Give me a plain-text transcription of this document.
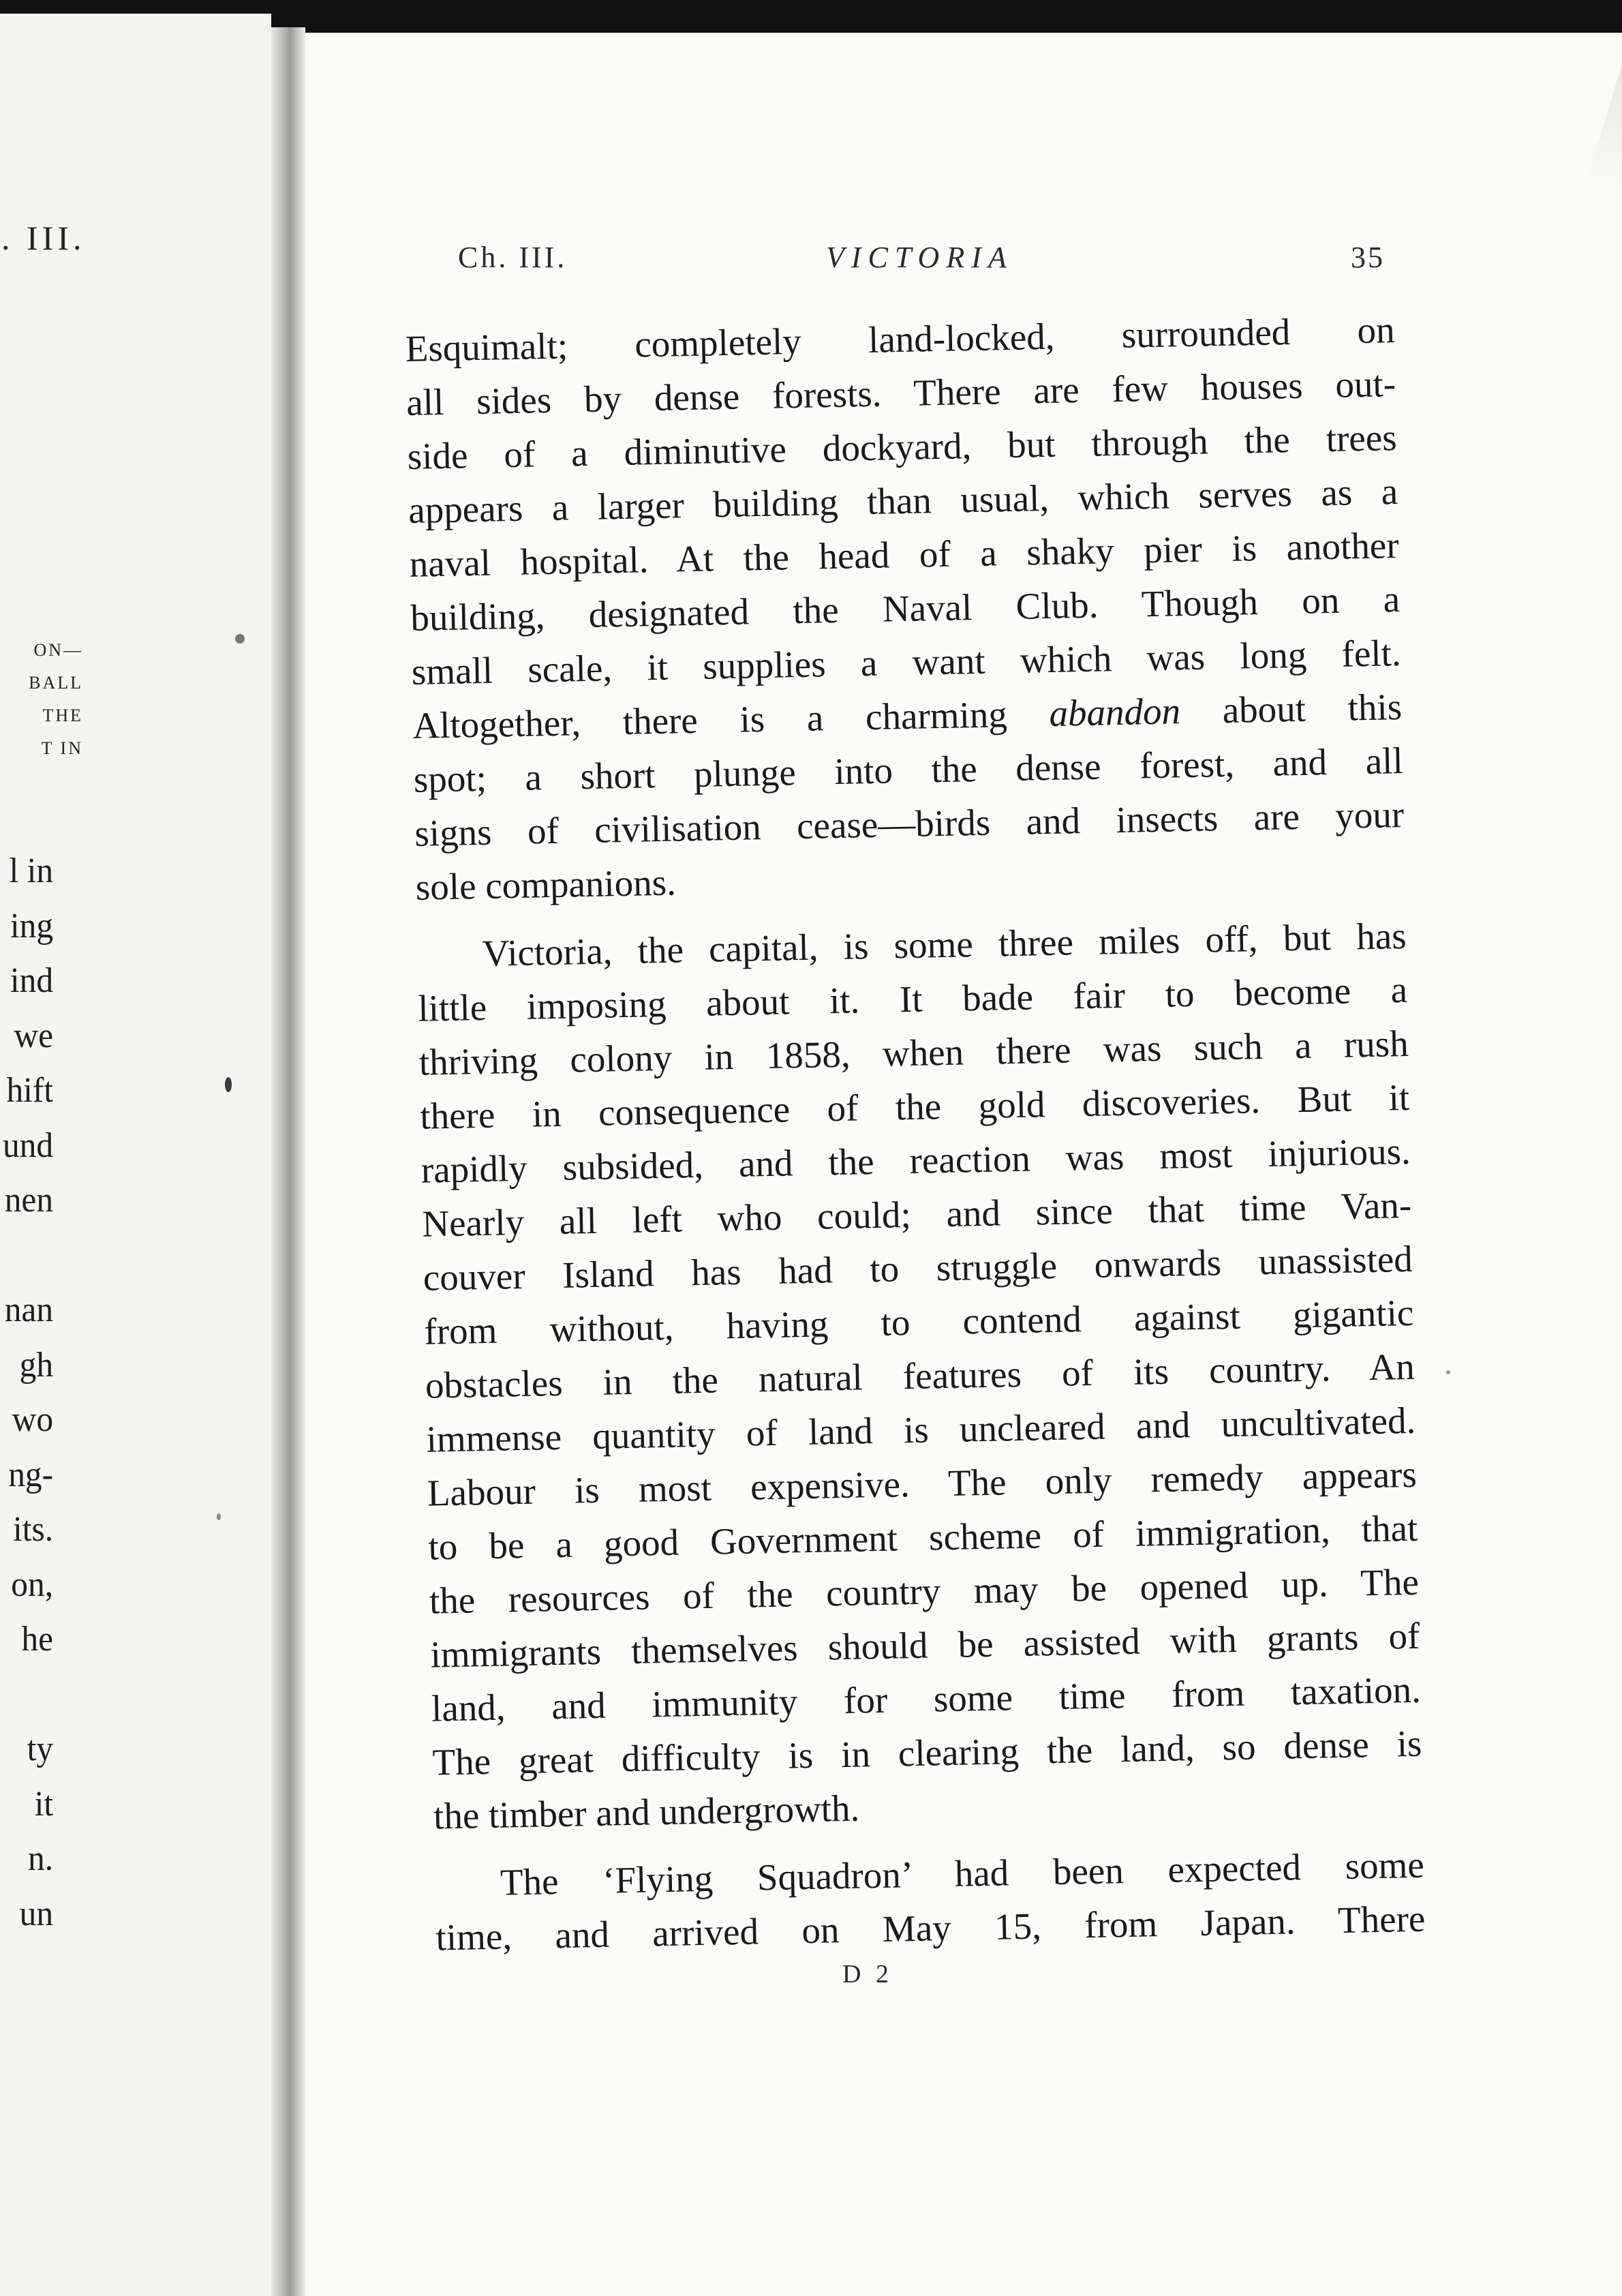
. III.
ON—
BALL
THE
T IN
l in
ing
ind
we
hift
und
nen
nan
gh
wo
ng-
its.
on,
he
ty
it
n.
un
Ch. III.	VICTORIA	35
Esquimalt; completely land-locked, surrounded on
all sides by dense forests. There are few houses out-
side of a diminutive dockyard, but through the trees
appears a larger building than usual, which serves as a
naval hospital. At the head of a shaky pier is another
building, designated the Naval Club. Though on a
small scale, it supplies a want which was long felt.
Altogether, there is a charming abandon about this
spot; a short plunge into the dense forest, and all
signs of civilisation cease—birds and insects are your
sole companions.
Victoria, the capital, is some three miles off, but has
little imposing about it. It bade fair to become a
thriving colony in 1858, when there was such a rush
there in consequence of the gold discoveries. But it
rapidly subsided, and the reaction was most injurious.
Nearly all left who could; and since that time Van-
couver Island has had to struggle onwards unassisted
from without, having to contend against gigantic
obstacles in the natural features of its country. An
immense quantity of land is uncleared and uncultivated.
Labour is most expensive. The only remedy appears
to be a good Government scheme of immigration, that
the resources of the country may be opened up. The
immigrants themselves should be assisted with grants of
land, and immunity for some time from taxation.
The great difficulty is in clearing the land, so dense is
the timber and undergrowth.
The ‘Flying Squadron’ had been expected some
time, and arrived on May 15, from Japan. There
D 2
